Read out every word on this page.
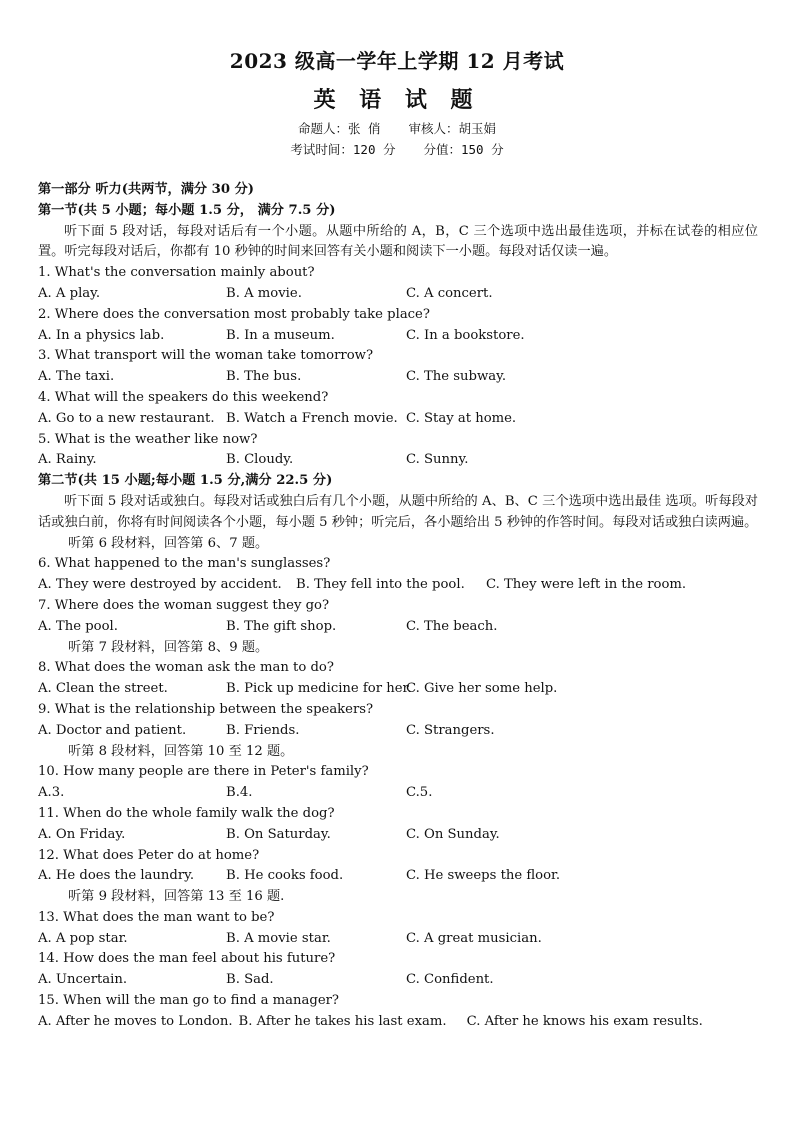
2023 级高一学年上学期 12 月考试
英 语 试 题
命题人：张 俏 审核人：胡玉娟
考试时间：120 分 分值：150 分
第一部分 听力(共两节，满分 30 分)
第一节(共 5 小题；每小题 1.5 分， 满分 7.5 分)
听下面 5 段对话，每段对话后有一个小题。从题中所给的 A，B，C 三个选项中选出最佳选项，并标在试卷的相应位置。听完每段对话后，你都有 10 秒钟的时间来回答有关小题和阅读下一小题。每段对话仅读一遍。
1. What's the conversation mainly about?
A. A play.	B. A movie.	C. A concert.
2. Where does the conversation most probably take place?
A. In a physics lab.	B. In a museum.	C. In a bookstore.
3. What transport will the woman take tomorrow?
A. The taxi.	B. The bus.	C. The subway.
4. What will the speakers do this weekend?
A. Go to a new restaurant. B. Watch a French movie. C. Stay at home.
5. What is the weather like now?
A. Rainy.	B. Cloudy.	C. Sunny.
第二节(共 15 小题;每小题 1.5 分,满分 22.5 分)
听下面 5 段对话或独白。每段对话或独白后有几个小题，从题中所给的 A、B、C 三个选项中选出最佳 选项。听每段对话或独白前，你将有时间阅读各个小题，每小题 5 秒钟；听完后，各小题给出 5 秒钟的作答时间。每段对话或独白读两遍。
听第 6 段材料，回答第 6、7 题。
6. What happened to the man's sunglasses?
A. They were destroyed by accident.	B. They fell into the pool.	C. They were left in the room.
7. Where does the woman suggest they go?
A. The pool.	B. The gift shop.	C. The beach.
听第 7 段材料，回答第 8、9 题。
8. What does the woman ask the man to do?
A. Clean the street.	B. Pick up medicine for her.
C. Give her some help.
9. What is the relationship between the speakers?
A. Doctor and patient.	B. Friends.	C. Strangers.
听第 8 段材料，回答第 10 至 12 题。
10. How many people are there in Peter's family?
A.3.	B.4.	C.5.
11. When do the whole family walk the dog?
A. On Friday.	B. On Saturday.	C. On Sunday.
12. What does Peter do at home?
A. He does the laundry.	B. He cooks food.	C. He sweeps the floor.
听第 9 段材料，回答第 13 至 16 题.
13. What does the man want to be?
A. A pop star.	B. A movie star.	C. A great musician.
14. How does the man feel about his future?
A. Uncertain.	B. Sad.	C. Confident.
15. When will the man go to find a manager?
A. After he moves to London. B. After he takes his last exam.	C. After he knows his exam results.
